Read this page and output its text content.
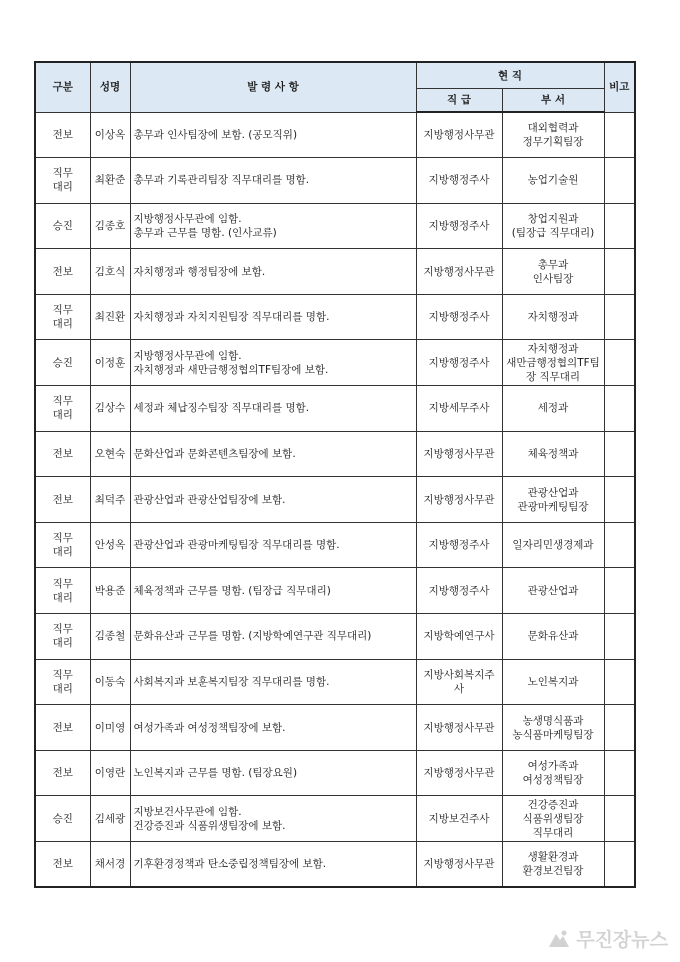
구분	성명	발 령 사 항	현 직		비고
			직 급	부 서	

전보	이상옥	총무과 인사팀장에 보함. (공모직위)	지방행정사무관	대외협력과
정무기획팀장	

직무
대리	최환준	총무과 기록관리팀장 직무대리를 명함.	지방행정주사	농업기술원	

승진	김종호	지방행정사무관에 임함.
총무과 근무를 명함. (인사교류)	지방행정주사	창업지원과
(팀장급 직무대리)	

전보	김호식	자치행정과 행정팀장에 보함.	지방행정사무관	총무과
인사팀장	

직무
대리	최진환	자치행정과 자치지원팀장 직무대리를 명함.	지방행정주사	자치행정과	

승진	이정훈	지방행정사무관에 임함.
자치행정과 새만금행정협의TF팀장에 보함.	지방행정주사	자치행정과
새만금행정협의TF팀
장 직무대리	

직무
대리	김상수	세정과 체납징수팀장 직무대리를 명함.	지방세무주사	세정과	

전보	오현숙	문화산업과 문화콘텐츠팀장에 보함.	지방행정사무관	체육정책과	

전보	최덕주	관광산업과 관광산업팀장에 보함.	지방행정사무관	관광산업과
관광마케팅팀장	

직무
대리	안성옥	관광산업과 관광마케팅팀장 직무대리를 명함.	지방행정주사	일자리민생경제과	

직무
대리	박용준	체육정책과 근무를 명함. (팀장급 직무대리)	지방행정주사	관광산업과	

직무
대리	김종철	문화유산과 근무를 명함. (지방학예연구관 직무대리)	지방학예연구사	문화유산과	

직무
대리	이동숙	사회복지과 보훈복지팀장 직무대리를 명함.	지방사회복지주사	노인복지과	

전보	이미영	여성가족과 여성정책팀장에 보함.	지방행정사무관	농생명식품과
농식품마케팅팀장	

전보	이영란	노인복지과 근무를 명함. (팀장요원)	지방행정사무관	여성가족과
여성정책팀장	

승진	김세광	지방보건사무관에 임함.
건강증진과 식품위생팀장에 보함.	지방보건주사	건강증진과
식품위생팀장
직무대리	

전보	채서경	기후환경정책과 탄소중립정책팀장에 보함.	지방행정사무관	생활환경과
환경보건팀장	

무진장뉴스
